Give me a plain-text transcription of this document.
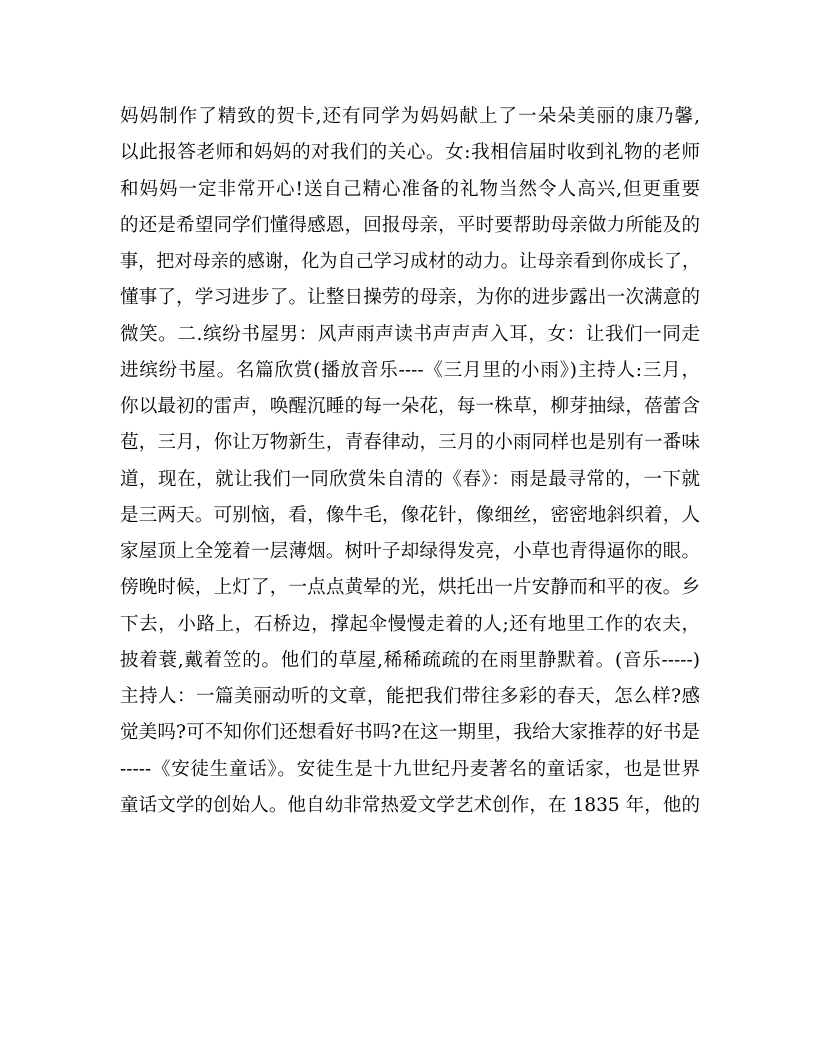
妈妈制作了精致的贺卡,还有同学为妈妈献上了一朵朵美丽的康乃馨,
以此报答老师和妈妈的对我们的关心。女:我相信届时收到礼物的老师
和妈妈一定非常开心!送自己精心准备的礼物当然令人高兴,但更重要
的还是希望同学们懂得感恩，回报母亲，平时要帮助母亲做力所能及的
事，把对母亲的感谢，化为自己学习成材的动力。让母亲看到你成长了，
懂事了，学习进步了。让整日操劳的母亲，为你的进步露出一次满意的
微笑。二.缤纷书屋男：风声雨声读书声声声入耳，女：让我们一同走
进缤纷书屋。名篇欣赏(播放音乐----《三月里的小雨》)主持人:三月，
你以最初的雷声，唤醒沉睡的每一朵花，每一株草，柳芽抽绿，蓓蕾含
苞，三月，你让万物新生，青春律动，三月的小雨同样也是别有一番味
道，现在，就让我们一同欣赏朱自清的《春》：雨是最寻常的，一下就
是三两天。可别恼，看，像牛毛，像花针，像细丝，密密地斜织着，人
家屋顶上全笼着一层薄烟。树叶子却绿得发亮，小草也青得逼你的眼。
傍晚时候，上灯了，一点点黄晕的光，烘托出一片安静而和平的夜。乡
下去，小路上，石桥边，撑起伞慢慢走着的人;还有地里工作的农夫，
披着蓑,戴着笠的。他们的草屋,稀稀疏疏的在雨里静默着。(音乐-----)
主持人：一篇美丽动听的文章，能把我们带往多彩的春天，怎么样?感
觉美吗?可不知你们还想看好书吗?在这一期里，我给大家推荐的好书是
-----《安徒生童话》。安徒生是十九世纪丹麦著名的童话家，也是世界
童话文学的创始人。他自幼非常热爱文学艺术创作，在 1835 年，他的
